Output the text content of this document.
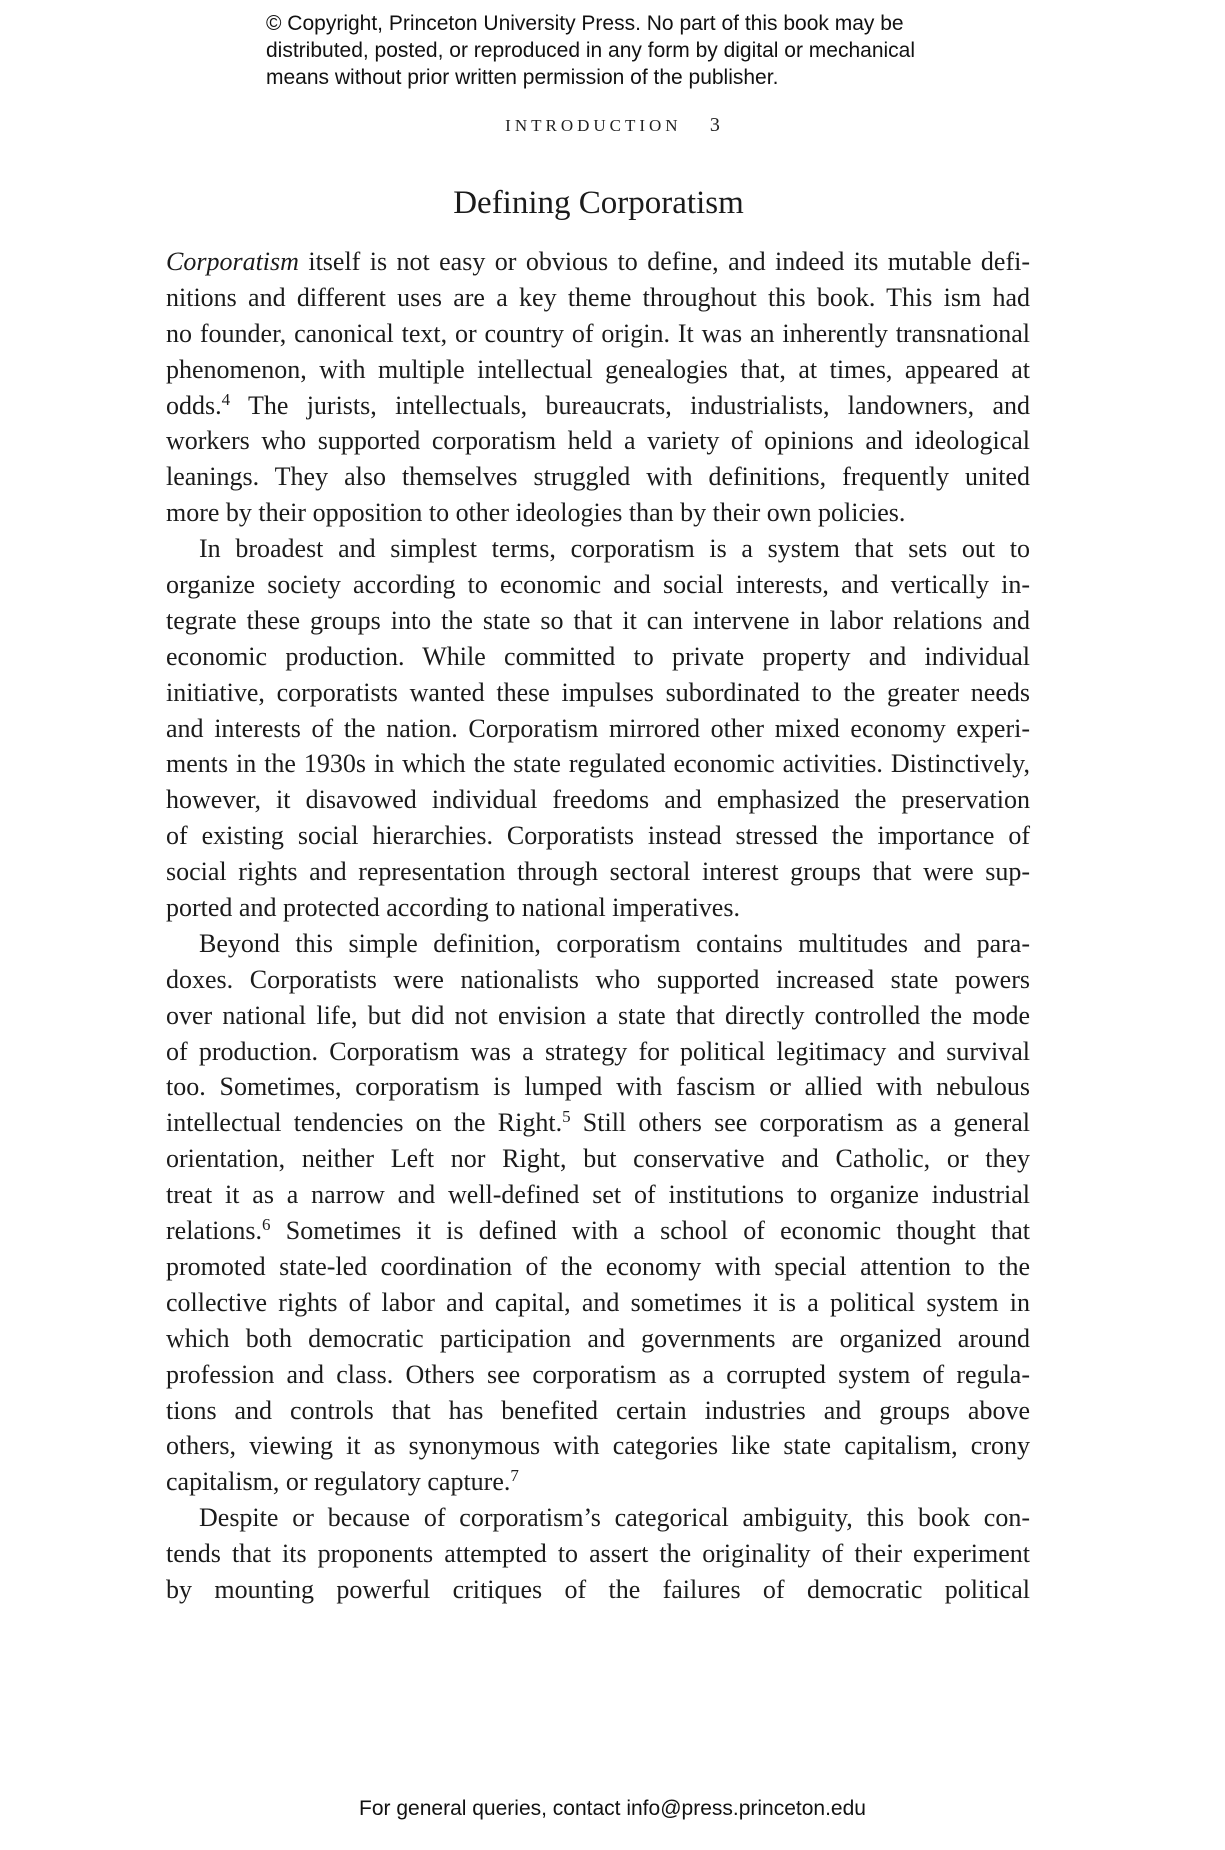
© Copyright, Princeton University Press. No part of this book may be
distributed, posted, or reproduced in any form by digital or mechanical
means without prior written permission of the publisher.
INTRODUCTION 3
Defining Corporatism
Corporatism itself is not easy or obvious to define, and indeed its mutable defi-
nitions and different uses are a key theme throughout this book. This ism had
no founder, canonical text, or country of origin. It was an inherently transnational
phenomenon, with multiple intellectual genealogies that, at times, appeared at
odds.$^4$ The jurists, intellectuals, bureaucrats, industrialists, landowners, and
workers who supported corporatism held a variety of opinions and ideological
leanings. They also themselves struggled with definitions, frequently united
more by their opposition to other ideologies than by their own policies.
In broadest and simplest terms, corporatism is a system that sets out to
organize society according to economic and social interests, and vertically in-
tegrate these groups into the state so that it can intervene in labor relations and
economic production. While committed to private property and individual
initiative, corporatists wanted these impulses subordinated to the greater needs
and interests of the nation. Corporatism mirrored other mixed economy experi-
ments in the 1930s in which the state regulated economic activities. Distinctively,
however, it disavowed individual freedoms and emphasized the preservation
of existing social hierarchies. Corporatists instead stressed the importance of
social rights and representation through sectoral interest groups that were sup-
ported and protected according to national imperatives.
Beyond this simple definition, corporatism contains multitudes and para-
doxes. Corporatists were nationalists who supported increased state powers
over national life, but did not envision a state that directly controlled the mode
of production. Corporatism was a strategy for political legitimacy and survival
too. Sometimes, corporatism is lumped with fascism or allied with nebulous
intellectual tendencies on the Right.$^5$ Still others see corporatism as a general
orientation, neither Left nor Right, but conservative and Catholic, or they
treat it as a narrow and well-defined set of institutions to organize industrial
relations.$^6$ Sometimes it is defined with a school of economic thought that
promoted state-led coordination of the economy with special attention to the
collective rights of labor and capital, and sometimes it is a political system in
which both democratic participation and governments are organized around
profession and class. Others see corporatism as a corrupted system of regula-
tions and controls that has benefited certain industries and groups above
others, viewing it as synonymous with categories like state capitalism, crony
capitalism, or regulatory capture.$^7$
Despite or because of corporatism’s categorical ambiguity, this book con-
tends that its proponents attempted to assert the originality of their experiment
by mounting powerful critiques of the failures of democratic political
For general queries, contact info@press.princeton.edu
